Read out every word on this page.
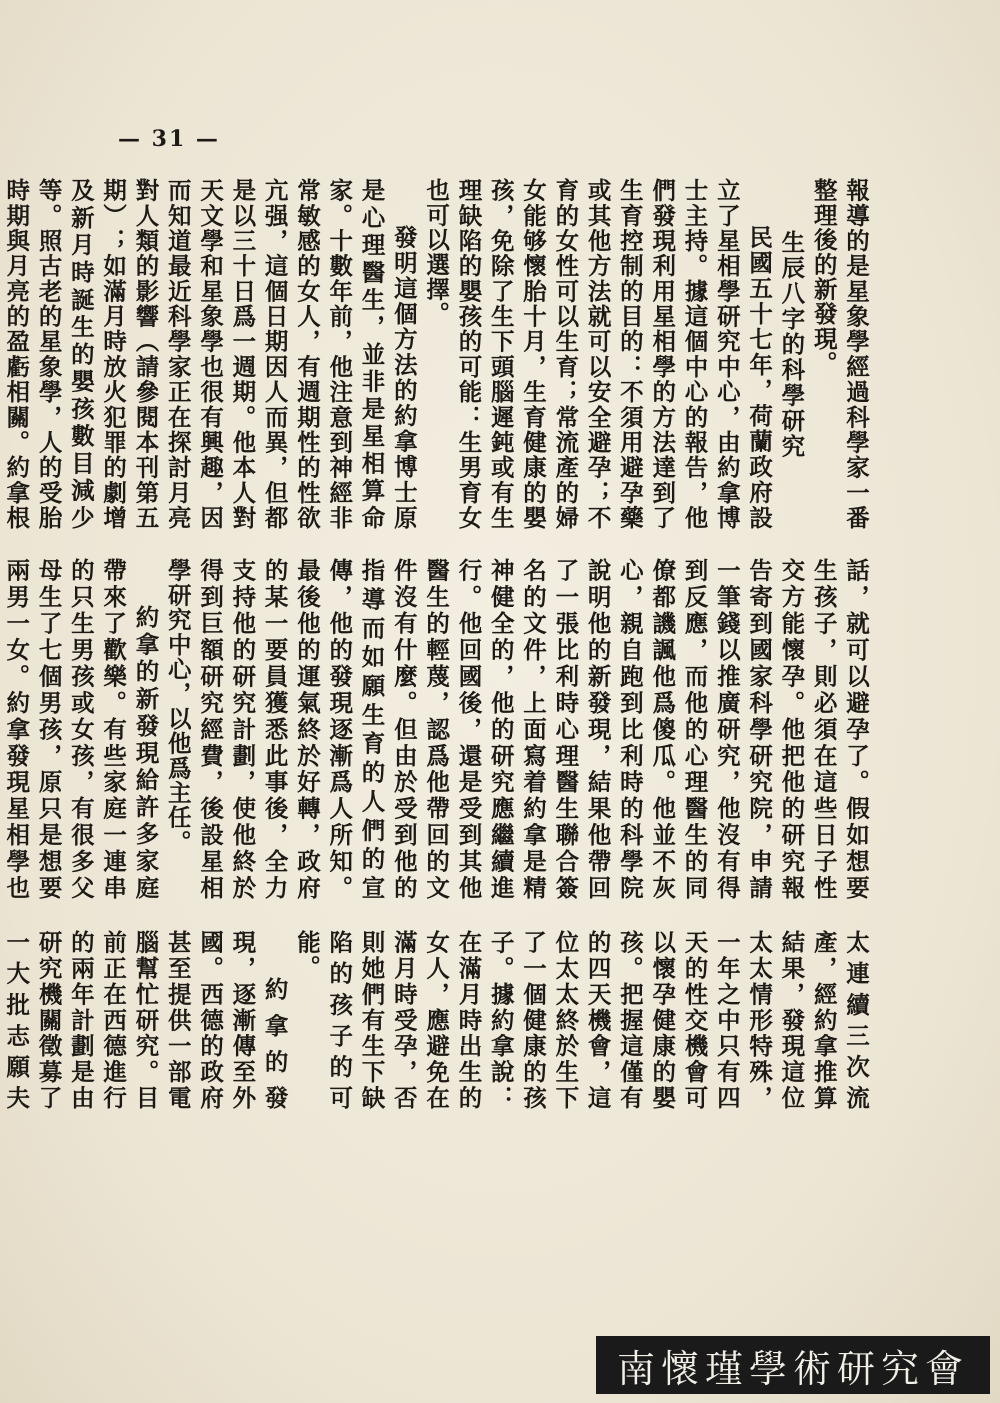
— 31 —

報導的是星象學經過科學家一番整理後的新發現。

生辰八字的科學研究

民國五十七年，荷蘭政府設立了星相學研究中心，由約拿博士主持。據這個中心的報告，他們發現利用星相學的方法達到了生育控制的目的：不須用避孕藥或其他方法就可以安全避孕；不育的女性可以生育；常流產的婦女能够懷胎十月，生育健康的嬰孩，免除了生下頭腦遲鈍或有生理缺陷的嬰孩的可能：生男育女也可以選擇。

發明這個方法的約拿博士原是心理醫生，並非是星相算命家。十數年前，他注意到神經非常敏感的女人，有週期性的性欲亢强，這個日期因人而異，但都是以三十日爲一週期。他本人對天文學和星象學也很有興趣，因而知道最近科學家正在探討月亮對人類的影響（請參閱本刊第五期）；如滿月時放火犯罪的劇增及新月時誕生的嬰孩數目減少等。照古老的星象學，人的受胎時期與月亮的盈虧相關。約拿根

話，就可以避孕了。假如想要生孩子，則必須在這些日子性交方能懷孕。他把他的研究報告寄到國家科學研究院，申請一筆錢以推廣研究，他沒有得到反應，而他的心理醫生的同僚都譏諷他爲傻瓜。他並不灰心，親自跑到比利時的科學院說明他的新發現，結果他帶回了一張比利時心理醫生聯合簽名的文件，上面寫着約拿是精神健全的，他的研究應繼續進行。他回國後，還是受到其他醫生的輕蔑，認爲他帶回的文件沒有什麼。但由於受到他的指導而如願生育的人們的宣傳，他的發現逐漸爲人所知。最後他的運氣終於好轉，政府的某一要員獲悉此事後，全力支持他的研究計劃，使他終於得到巨額研究經費，後設星相學研究中心，以他爲主任。

約拿的新發現給許多家庭帶來了歡樂。有些家庭一連串的只生男孩或女孩，有很多父母生了七個男孩，原只是想要兩男一女。約拿發現星相學也

太連續三次流產，經約拿推算結果，發現這位太太情形特殊，一年之中只有四天的性交機會可以懷孕健康的嬰孩。把握這僅有的四天機會，這位太太終於生下了一個健康的孩子。據約拿說：在滿月時出生的女人，應避免在滿月時受孕，否則她們有生下缺陷的孩子的可能。

約拿的發現，逐漸傳至外國。西德的政府甚至提供一部電腦幫忙研究。目前正在西德進行的兩年計劃是由研究機關徵募了一大批志願夫

南懷瑾學術研究會
